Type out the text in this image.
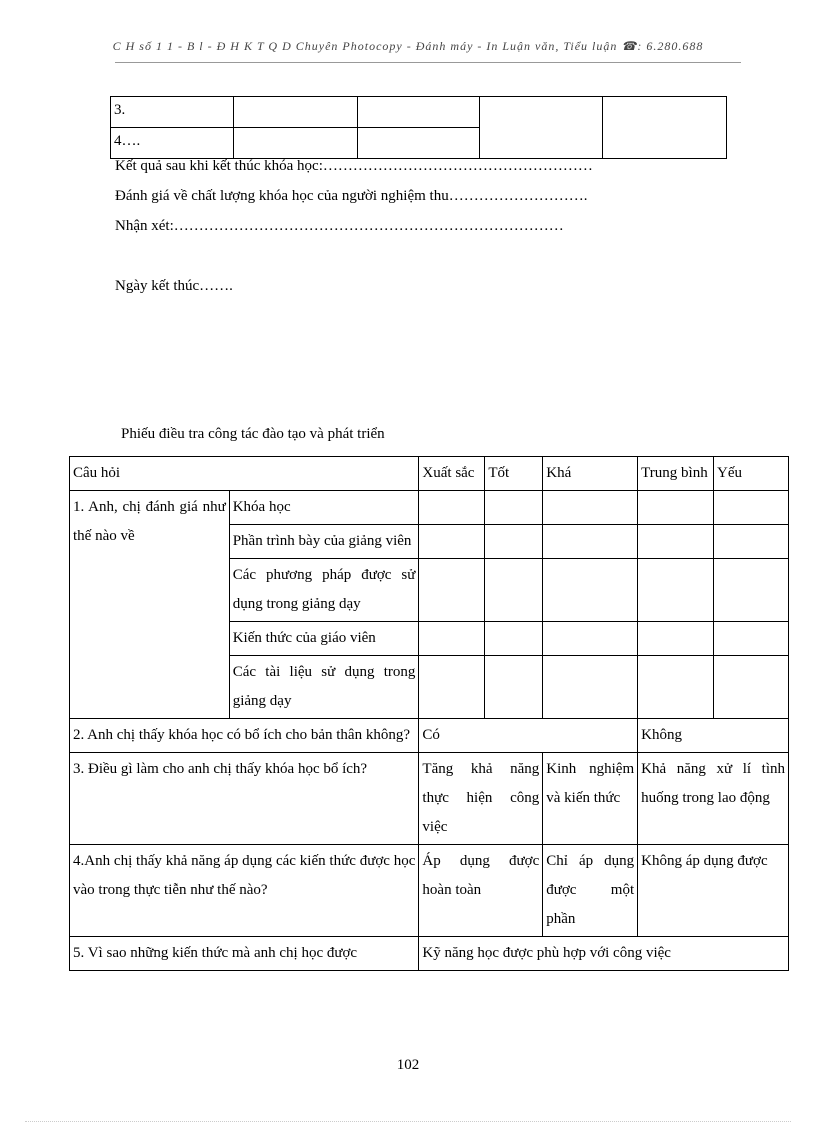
C H số 1 1 - B l - Đ H K T Q D Chuyên Photocopy - Đánh máy - In Luận văn, Tiểu luận ☎: 6.280.688
3.				
4….				
Kết quả sau khi kết thúc khóa học:………………………………………………
Đánh giá về chất lượng khóa học của người nghiệm thu……………………….
Nhận xét:……………………………………………………………………
Ngày kết thúc…….
Phiếu điều tra công tác đào tạo và phát triển
Câu hỏi		Xuất sắc	Tốt	Khá	Trung bình	Yếu
1. Anh, chị đánh giá như thế nào về	Khóa học					
	Phần trình bày của giảng viên					
	Các phương pháp được sử dụng trong giảng dạy					
	Kiến thức của giáo viên					
	Các tài liệu sử dụng trong giảng dạy					
2. Anh chị thấy khóa học có bổ ích cho bản thân không?		Có			Không	
3. Điều gì làm cho anh chị thấy khóa học bổ ích?		Tăng khả năng thực hiện công việc		Kinh nghiệm và kiến thức	Khả năng xử lí tình huống trong lao động	
4.Anh chị thấy khả năng áp dụng các kiến thức được học vào trong thực tiễn như thế nào?		Áp dụng được hoàn toàn		Chỉ áp dụng được một phần	Không áp dụng được	
5. Vì sao những kiến thức mà anh chị học được		Kỹ năng học được phù hợp với công việc				
102
